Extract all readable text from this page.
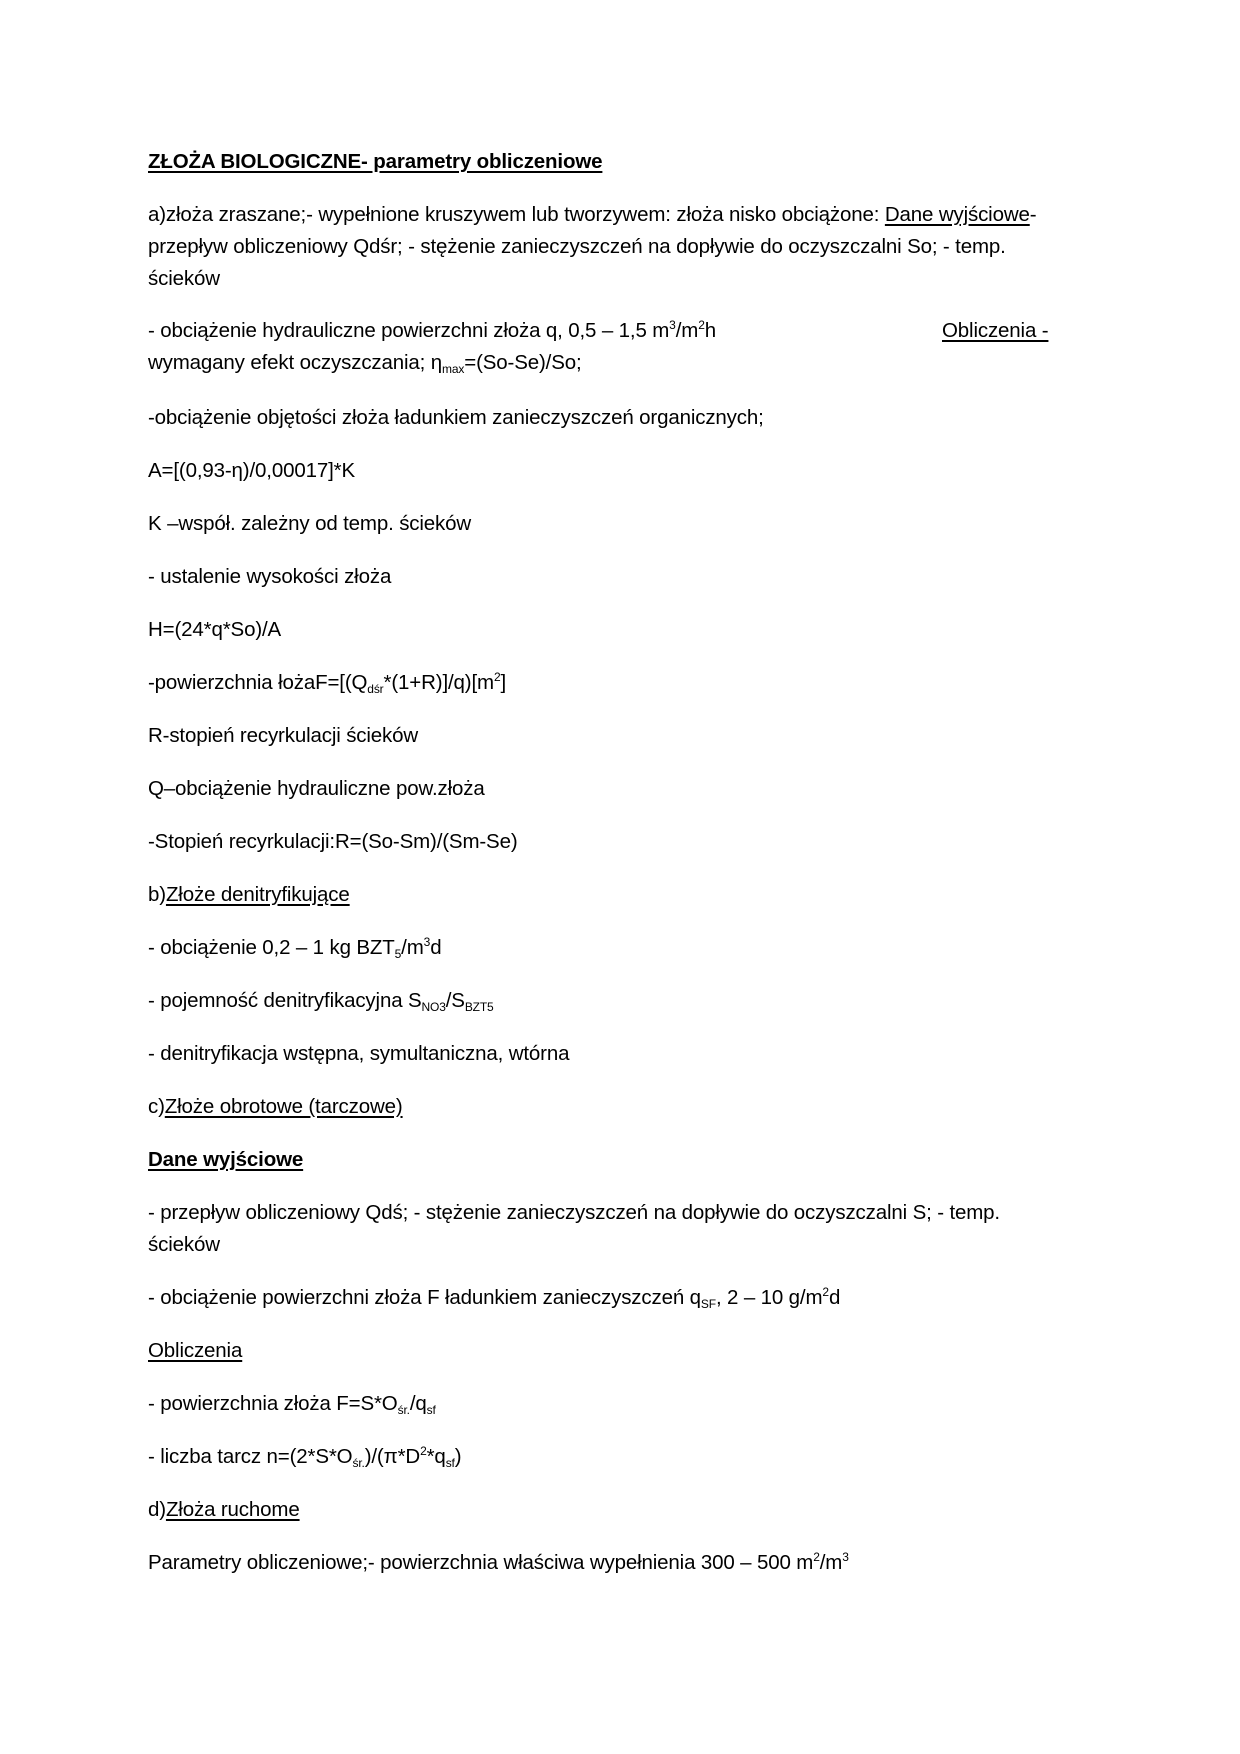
ZŁOŻA BIOLOGICZNE- parametry obliczeniowe
a)złoża zraszane;- wypełnione kruszywem lub tworzywem: złoża nisko obciążone: Dane wyjściowe-
przepływ obliczeniowy Qdśr; - stężenie zanieczyszczeń na dopływie do oczyszczalni So; - temp.
ścieków
- obciążenie hydrauliczne powierzchni złoża q, 0,5 – 1,5 $m^3/m^2h$	Obliczenia -
wymagany efekt oczyszczania; $\eta_{max}=(So-Se)/So$;
-obciążenie objętości złoża ładunkiem zanieczyszczeń organicznych;
A=[(0,93-η)/0,00017]*K
K –współ. zależny od temp. ścieków
- ustalenie wysokości złoża
H=(24*q*So)/A
-powierzchnia $łożaF=[(Q_{dśr}*(1+R)]/q)[m^2]$
R-stopień recyrkulacji ścieków
Q–obciążenie hydrauliczne pow.złoża
-Stopień recyrkulacji:R=(So-Sm)/(Sm-Se)
b)Złoże denitryfikujące
- obciążenie 0,2 – 1 kg $BZT_5/m^3d$
- pojemność denitryfikacyjna $S_{NO3}/S_{BZT5}$
- denitryfikacja wstępna, symultaniczna, wtórna
c)Złoże obrotowe (tarczowe)
Dane wyjściowe
- przepływ obliczeniowy Qdś; - stężenie zanieczyszczeń na dopływie do oczyszczalni S; - temp.
ścieków
- obciążenie powierzchni złoża F ładunkiem zanieczyszczeń $q_{SF}$, 2 – 10 $g/m^2d$
Obliczenia
- powierzchnia złoża $F=S*O_{śr.}/q_{sf}$
- liczba tarcz $n=(2*S*O_{śr.})/(\pi*D^2*q_{sf})$
d)Złoża ruchome
Parametry obliczeniowe;- powierzchnia właściwa wypełnienia 300 – 500 $m^2/m^3$
